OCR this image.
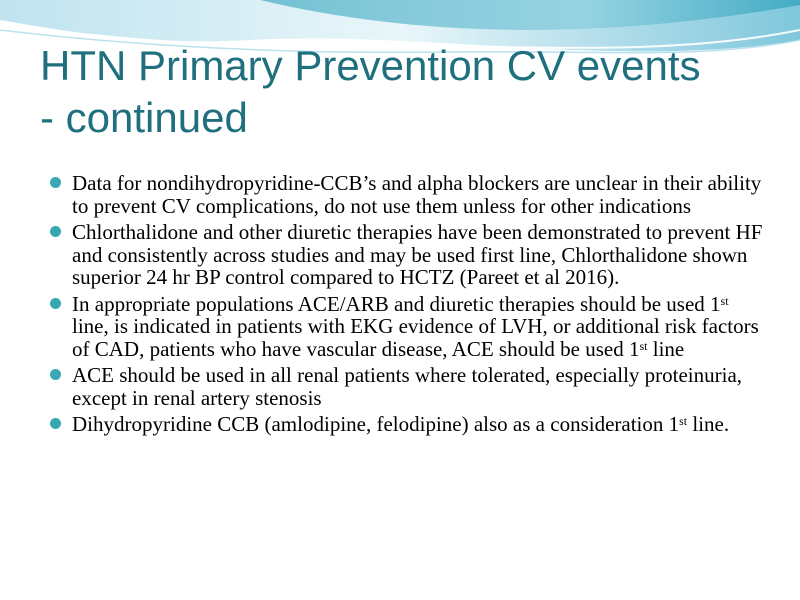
HTN Primary Prevention CV events
- continued
Data for nondihydropyridine-CCB’s and alpha blockers are unclear in their ability to prevent CV complications, do not use them unless for other indications
Chlorthalidone and other diuretic therapies have been demonstrated to prevent HF and consistently across studies and may be used first line, Chlorthalidone shown superior 24 hr BP control compared to HCTZ (Pareet et al 2016).
In appropriate populations ACE/ARB and diuretic therapies should be used 1st line, is indicated in patients with EKG evidence of LVH, or additional risk factors of CAD, patients who have vascular disease, ACE should be used 1st line
ACE should be used in all renal patients where tolerated, especially proteinuria, except in renal artery stenosis
Dihydropyridine CCB (amlodipine, felodipine) also as a consideration 1st line.
